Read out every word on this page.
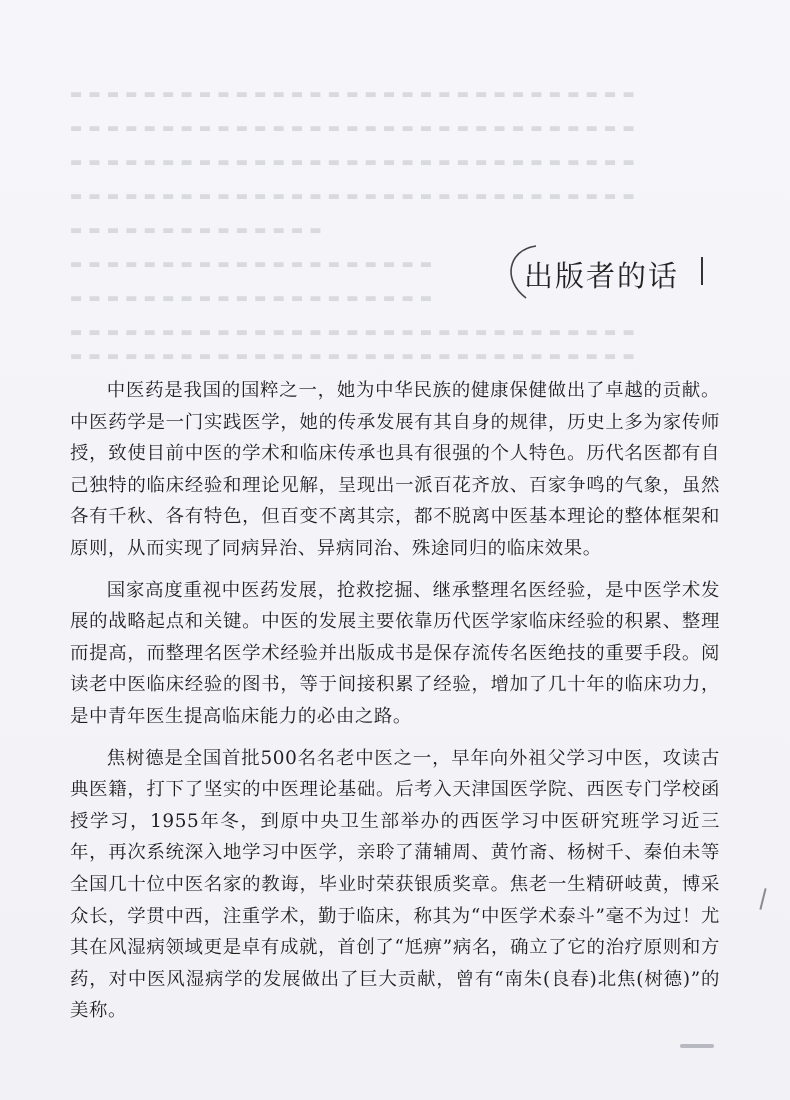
▬ ▬ ▬ ▬ ▬ ▬ ▬ ▬ ▬ ▬ ▬ ▬ ▬ ▬ ▬ ▬ ▬ ▬ ▬ ▬ ▬ ▬ ▬ ▬ ▬ ▬ ▬ ▬ ▬ ▬ ▬
▬ ▬ ▬ ▬ ▬ ▬ ▬ ▬ ▬ ▬ ▬ ▬ ▬ ▬ ▬ ▬ ▬ ▬ ▬ ▬ ▬ ▬ ▬ ▬ ▬ ▬ ▬ ▬ ▬ ▬ ▬
▬ ▬ ▬ ▬ ▬ ▬ ▬ ▬ ▬ ▬ ▬ ▬ ▬ ▬ ▬ ▬ ▬ ▬ ▬ ▬ ▬ ▬ ▬ ▬ ▬ ▬ ▬ ▬ ▬ ▬ ▬
▬ ▬ ▬ ▬ ▬ ▬ ▬ ▬ ▬ ▬ ▬ ▬ ▬ ▬ ▬ ▬ ▬ ▬ ▬ ▬ ▬ ▬ ▬ ▬ ▬ ▬ ▬ ▬ ▬ ▬ ▬
▬ ▬ ▬ ▬ ▬ ▬ ▬ ▬ ▬ ▬ ▬ ▬ ▬ ▬
▬ ▬ ▬ ▬ ▬ ▬ ▬ ▬ ▬ ▬ ▬ ▬ ▬ ▬ ▬ ▬ ▬ ▬ ▬ ▬
▬ ▬ ▬ ▬ ▬ ▬ ▬ ▬ ▬ ▬ ▬ ▬ ▬ ▬ ▬ ▬ ▬ ▬ ▬ ▬
▬ ▬ ▬ ▬ ▬ ▬ ▬ ▬ ▬ ▬ ▬ ▬ ▬ ▬ ▬ ▬ ▬ ▬ ▬ ▬ ▬ ▬ ▬ ▬ ▬ ▬ ▬ ▬ ▬ ▬ ▬
▬ ▬ ▬ ▬ ▬ ▬ ▬ ▬ ▬ ▬ ▬ ▬ ▬ ▬ ▬ ▬ ▬ ▬ ▬ ▬ ▬ ▬ ▬ ▬ ▬ ▬ ▬ ▬ ▬ ▬ ▬
出版者的话

中医药是我国的国粹之一，她为中华民族的健康保健做出了卓越的贡献。中医药学是一门实践医学，她的传承发展有其自身的规律，历史上多为家传师授，致使目前中医的学术和临床传承也具有很强的个人特色。历代名医都有自己独特的临床经验和理论见解，呈现出一派百花齐放、百家争鸣的气象，虽然各有千秋、各有特色，但百变不离其宗，都不脱离中医基本理论的整体框架和原则，从而实现了同病异治、异病同治、殊途同归的临床效果。

国家高度重视中医药发展，抢救挖掘、继承整理名医经验，是中医学术发展的战略起点和关键。中医的发展主要依靠历代医学家临床经验的积累、整理而提高，而整理名医学术经验并出版成书是保存流传名医绝技的重要手段。阅读老中医临床经验的图书，等于间接积累了经验，增加了几十年的临床功力，是中青年医生提高临床能力的必由之路。

焦树德是全国首批500名名老中医之一，早年向外祖父学习中医，攻读古典医籍，打下了坚实的中医理论基础。后考入天津国医学院、西医专门学校函授学习，1955年冬，到原中央卫生部举办的西医学习中医研究班学习近三年，再次系统深入地学习中医学，亲聆了蒲辅周、黄竹斋、杨树千、秦伯未等全国几十位中医名家的教诲，毕业时荣获银质奖章。焦老一生精研岐黄，博采众长，学贯中西，注重学术，勤于临床，称其为“中医学术泰斗”毫不为过！尤其在风湿病领域更是卓有成就，首创了“尪痹”病名，确立了它的治疗原则和方药，对中医风湿病学的发展做出了巨大贡献，曾有“南朱(良春)北焦(树德)”的美称。
